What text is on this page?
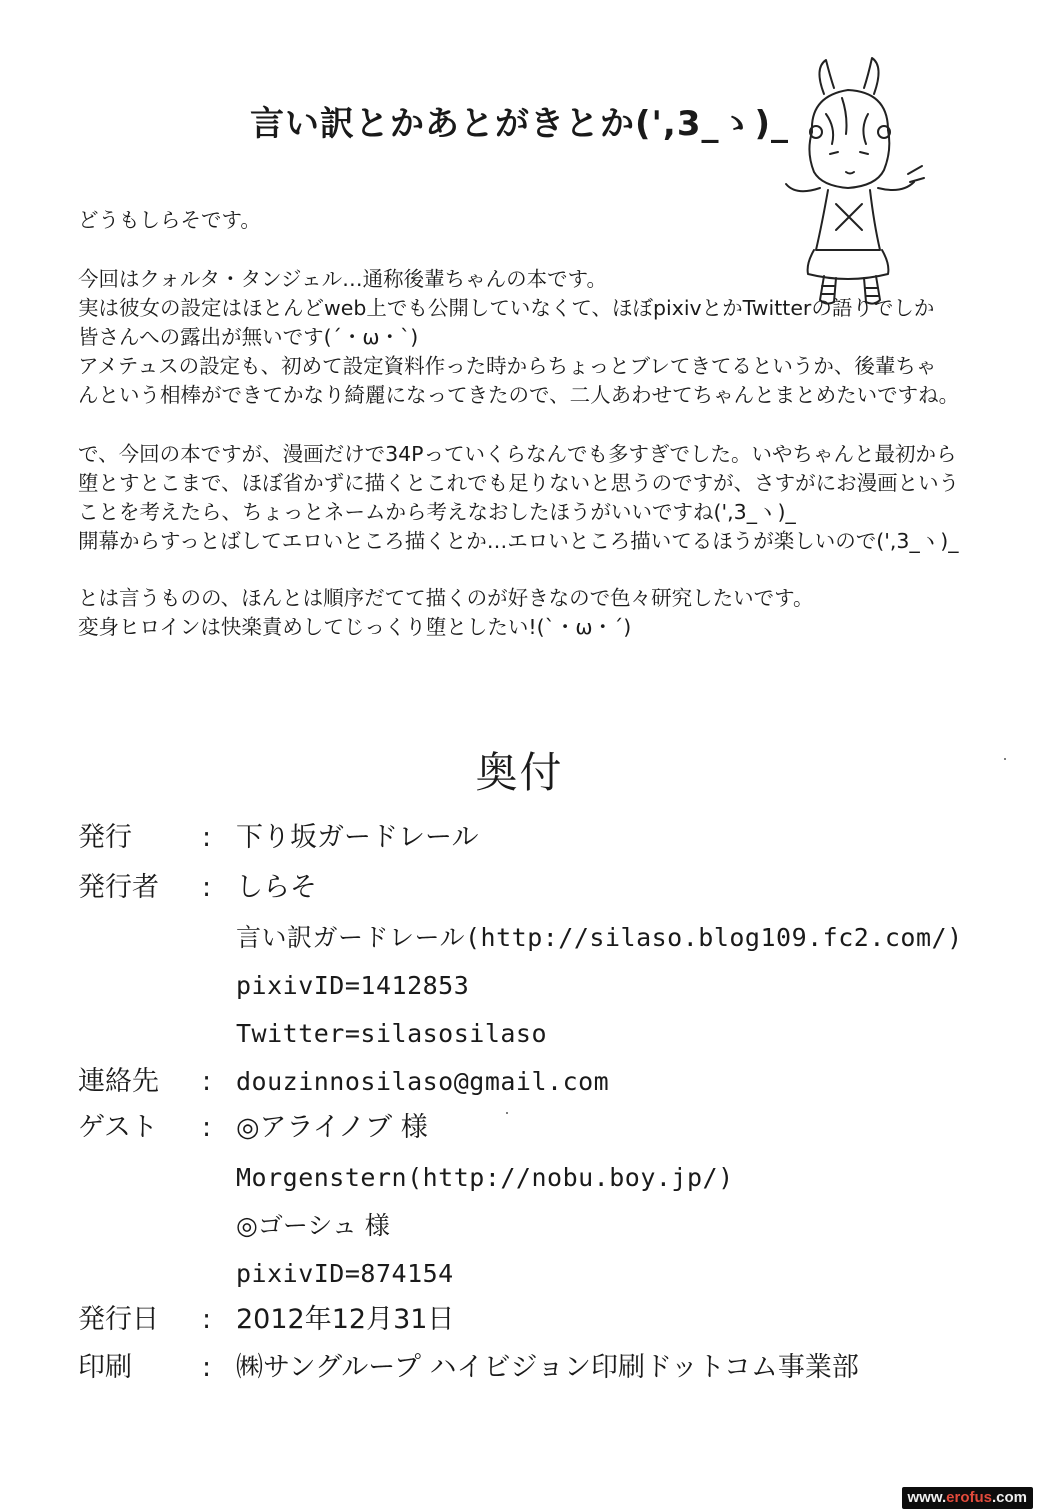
言い訳とかあとがきとか(',3_ゝ)_
どうもしらそです。
今回はクォルタ・タンジェル…通称後輩ちゃんの本です。
実は彼女の設定はほとんどweb上でも公開していなくて、ほぼpixivとかTwitterの語りでしか
皆さんへの露出が無いです(´・ω・`)
アメテュスの設定も、初めて設定資料作った時からちょっとブレてきてるというか、後輩ちゃ
んという相棒ができてかなり綺麗になってきたので、二人あわせてちゃんとまとめたいですね。
で、今回の本ですが、漫画だけで34Pっていくらなんでも多すぎでした。いやちゃんと最初から
堕とすとこまで、ほぼ省かずに描くとこれでも足りないと思うのですが、さすがにお漫画という
ことを考えたら、ちょっとネームから考えなおしたほうがいいですね(',3_ヽ)_
開幕からすっとばしてエロいところ描くとか…エロいところ描いてるほうが楽しいので(',3_ヽ)_
とは言うものの、ほんとは順序だてて描くのが好きなので色々研究したいです。
変身ヒロインは快楽責めしてじっくり堕としたい!(`・ω・´)
奥付
発行	: 下り坂ガードレール
発行者	: しらそ
言い訳ガードレール(http://silaso.blog109.fc2.com/)
pixivID=1412853
Twitter=silasosilaso
連絡先	: douzinnosilaso@gmail.com
ゲスト	: ◎アライノブ 様
Morgenstern(http://nobu.boy.jp/)
◎ゴーシュ 様
pixivID=874154
発行日	: 2012年12月31日
印刷	: ㈱サングループ ハイビジョン印刷ドットコム事業部
www.erofus.com
